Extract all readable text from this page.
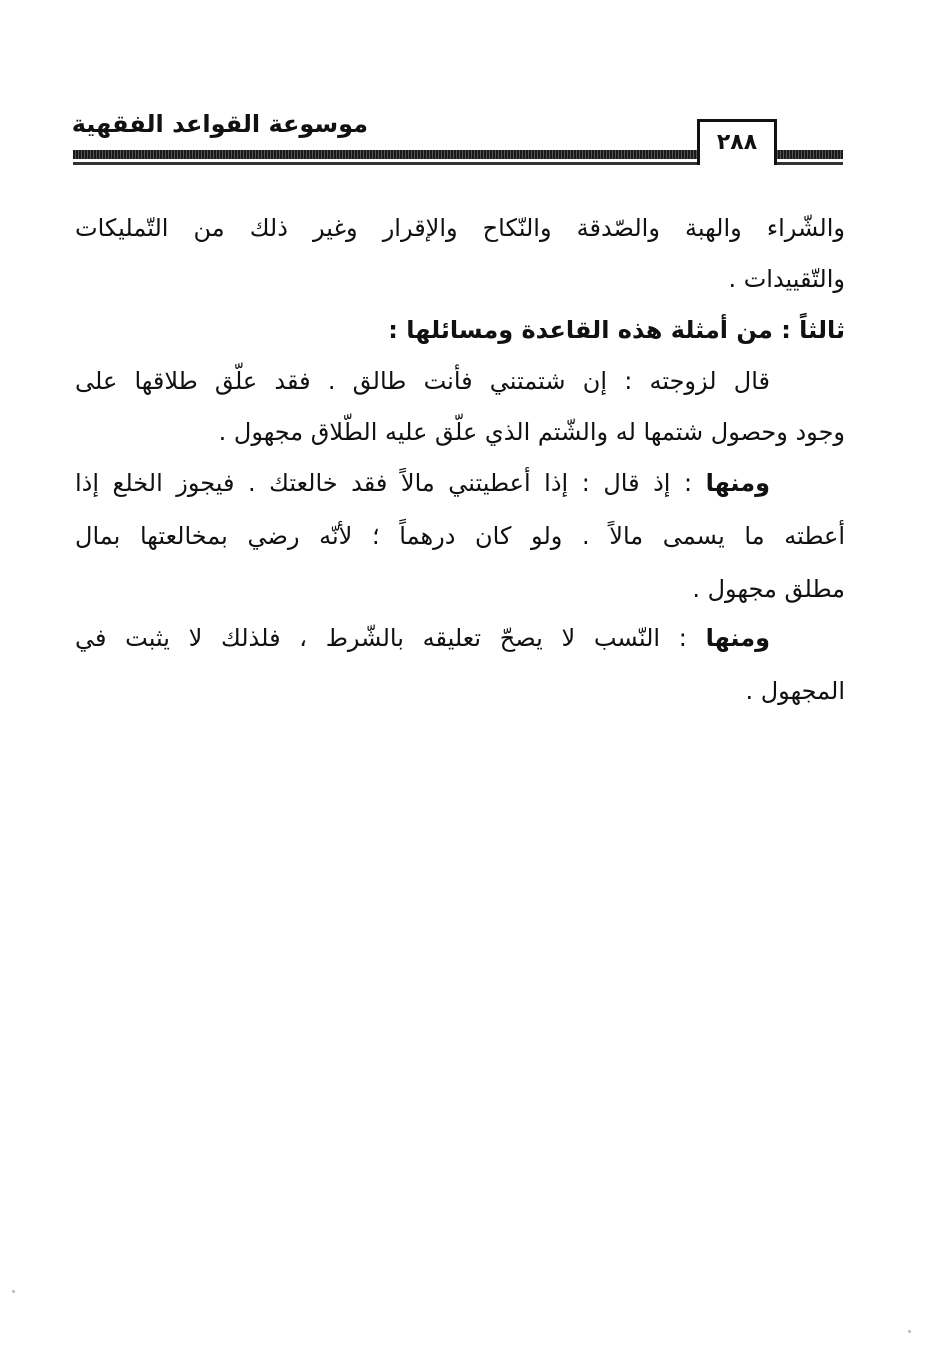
موسوعة القواعد الفقهية
٢٨٨
والشّراء والهبة والصّدقة والنّكاح والإقرار وغير ذلك من التّمليكات
والتّقييدات .
ثالثاً : من أمثلة هذه القاعدة ومسائلها :
قال لزوجته : إن شتمتني فأنت طالق . فقد علّق طلاقها على
وجود وحصول شتمها له والشّتم الذي علّق عليه الطّلاق مجهول .
ومنها : إذ قال : إذا أعطيتني مالاً فقد خالعتك . فيجوز الخلع إذا
أعطته ما يسمى مالاً . ولو كان درهماً ؛ لأنّه رضي بمخالعتها بمال
مطلق مجهول .
ومنها : النّسب لا يصحّ تعليقه بالشّرط ، فلذلك لا يثبت في
المجهول .
